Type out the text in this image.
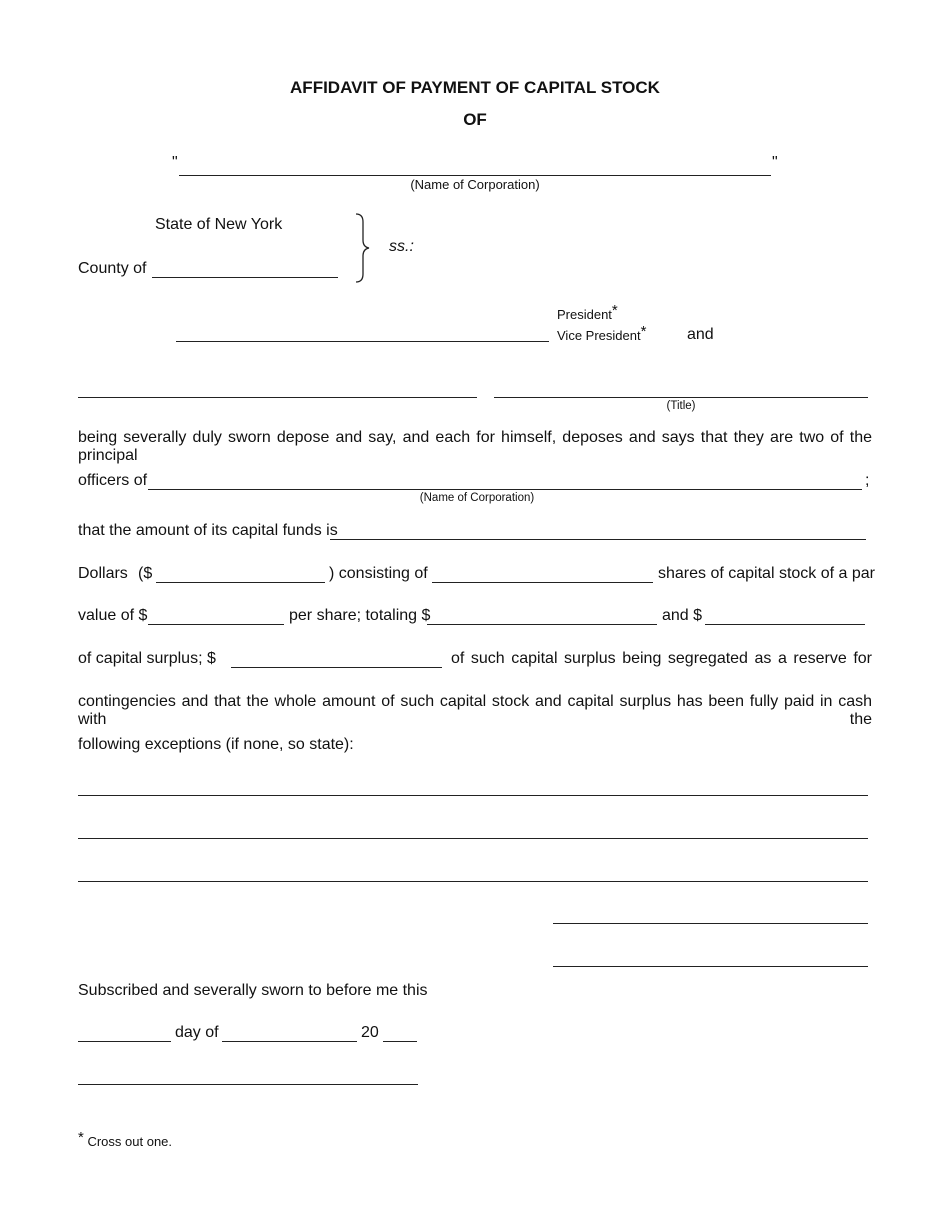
AFFIDAVIT OF PAYMENT OF CAPITAL STOCK
OF
"	"
(Name of Corporation)
State of New York
County of
ss.:
President*
Vice President*	and
(Title)
being severally duly sworn depose and say, and each for himself, deposes and says that they are two of the principal
officers of	;
(Name of Corporation)
that the amount of its capital funds is
Dollars ($	) consisting of	shares of capital stock of a par
value of $	per share; totaling $	and $
of capital surplus; $	of such capital surplus being segregated as a reserve for
contingencies and that the whole amount of such capital stock and capital surplus has been fully paid in cash with the
following exceptions (if none, so state):
Subscribed and severally sworn to before me this
day of	20
* Cross out one.
